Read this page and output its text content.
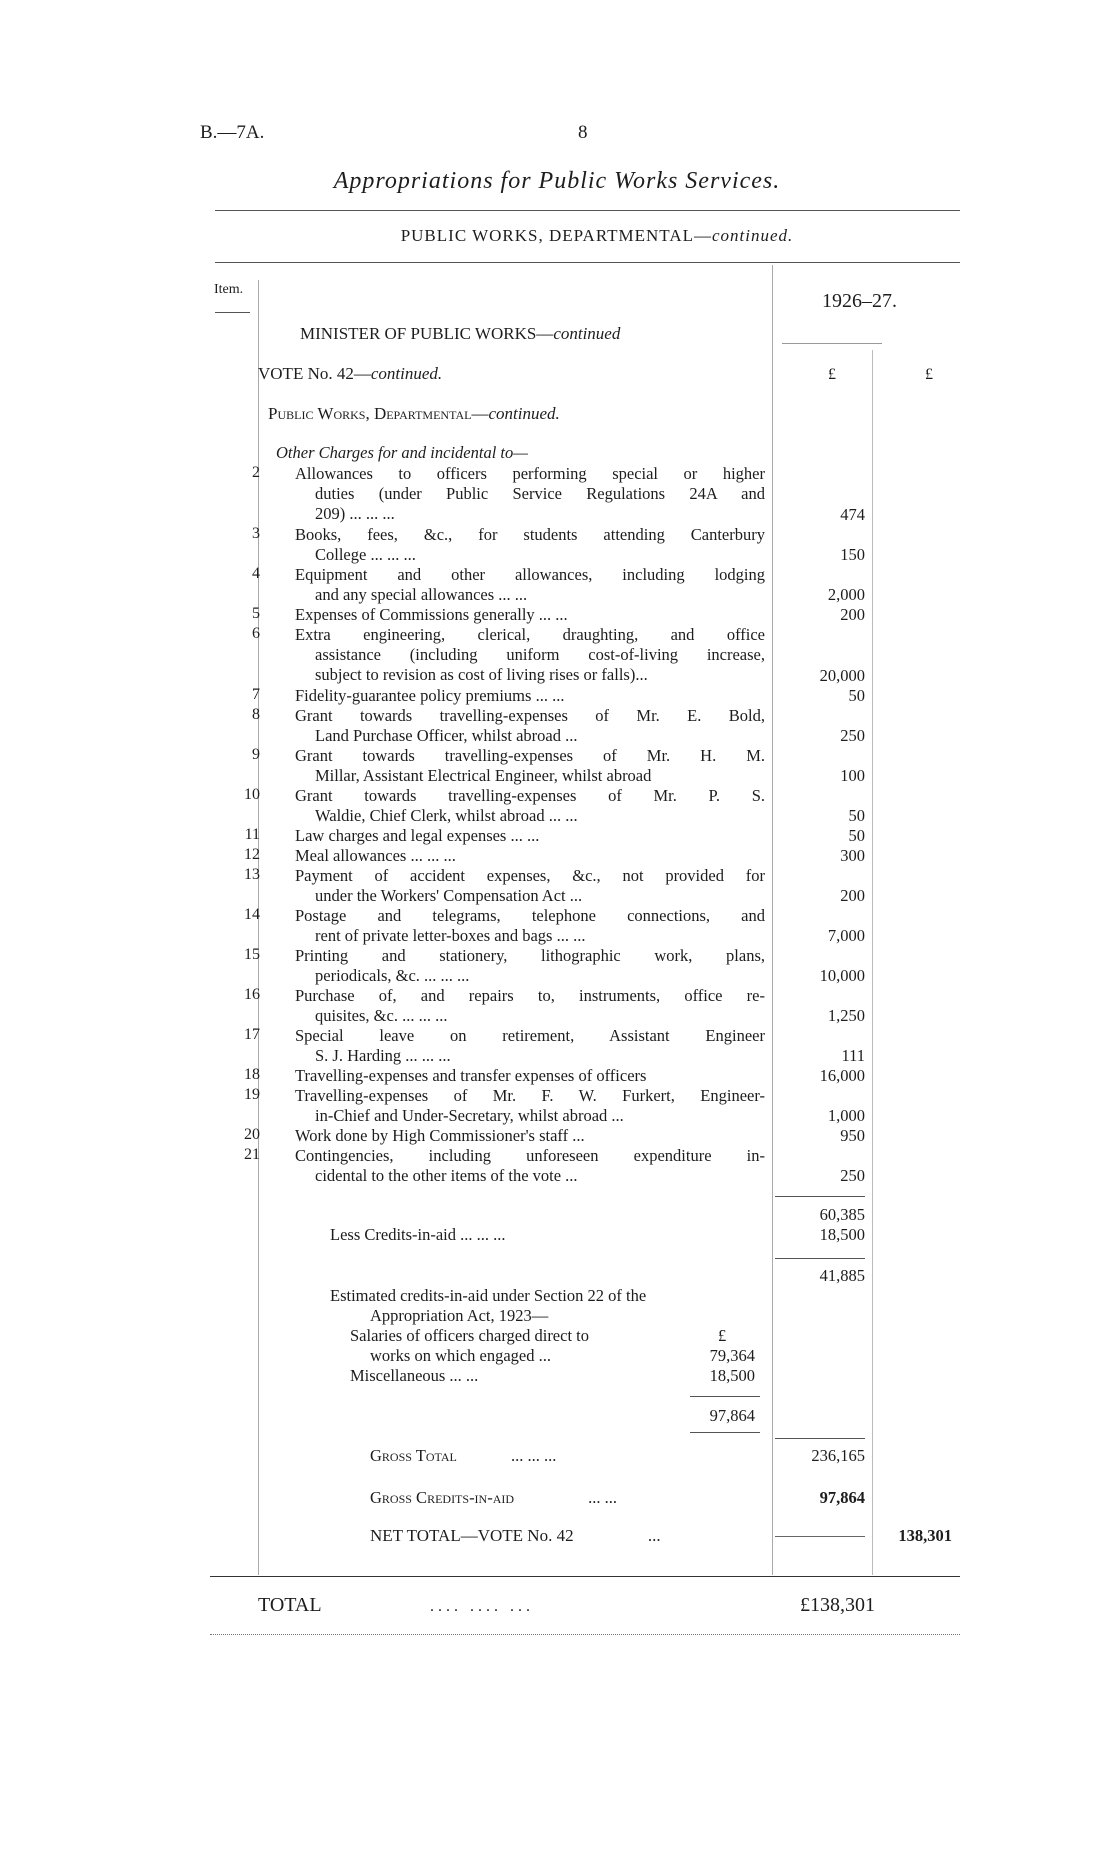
B.—7A.	8
Appropriations for Public Works Services.
PUBLIC WORKS, DEPARTMENTAL—continued.
Item.
1926–27.
£	£
MINISTER OF PUBLIC WORKS—continued
VOTE No. 42—continued.
Public Works, Departmental—continued.
Other Charges for and incidental to—
2 Allowances to officers performing special or higher
duties (under Public Service Regulations 24A and
209) ... ... ...	474
3 Books, fees, &c., for students attending Canterbury
College ... ... ...	150
4 Equipment and other allowances, including lodging
and any special allowances ... ...	2,000
5 Expenses of Commissions generally ... ...	200
6 Extra engineering, clerical, draughting, and office
assistance (including uniform cost-of-living increase,
subject to revision as cost of living rises or falls)...	20,000
7 Fidelity-guarantee policy premiums ... ...	50
8 Grant towards travelling-expenses of Mr. E. Bold,
Land Purchase Officer, whilst abroad ...	250
9 Grant towards travelling-expenses of Mr. H. M.
Millar, Assistant Electrical Engineer, whilst abroad	100
10 Grant towards travelling-expenses of Mr. P. S.
Waldie, Chief Clerk, whilst abroad ... ...	50
11 Law charges and legal expenses ... ...	50
12 Meal allowances ... ... ...	300
13 Payment of accident expenses, &c., not provided for
under the Workers' Compensation Act ...	200
14 Postage and telegrams, telephone connections, and
rent of private letter-boxes and bags ... ...	7,000
15 Printing and stationery, lithographic work, plans,
periodicals, &c. ... ... ...	10,000
16 Purchase of, and repairs to, instruments, office re-
quisites, &c. ... ... ...	1,250
17 Special leave on retirement, Assistant Engineer
S. J. Harding ... ... ...	111
18 Travelling-expenses and transfer expenses of officers	16,000
19 Travelling-expenses of Mr. F. W. Furkert, Engineer-
in-Chief and Under-Secretary, whilst abroad ...	1,000
20 Work done by High Commissioner's staff ...	950
21 Contingencies, including unforeseen expenditure in-
cidental to the other items of the vote ...	250
60,385
Less Credits-in-aid ... ... ...	18,500
41,885
Estimated credits-in-aid under Section 22 of the
Appropriation Act, 1923—
Salaries of officers charged direct to	£
works on which engaged ...	79,364
Miscellaneous ... ...	18,500
97,864
Gross Total	... ... ...	236,165
Gross Credits-in-aid	... ...	97,864
NET TOTAL—VOTE No. 42	...	138,301
TOTAL	.... .... ...	£138,301
